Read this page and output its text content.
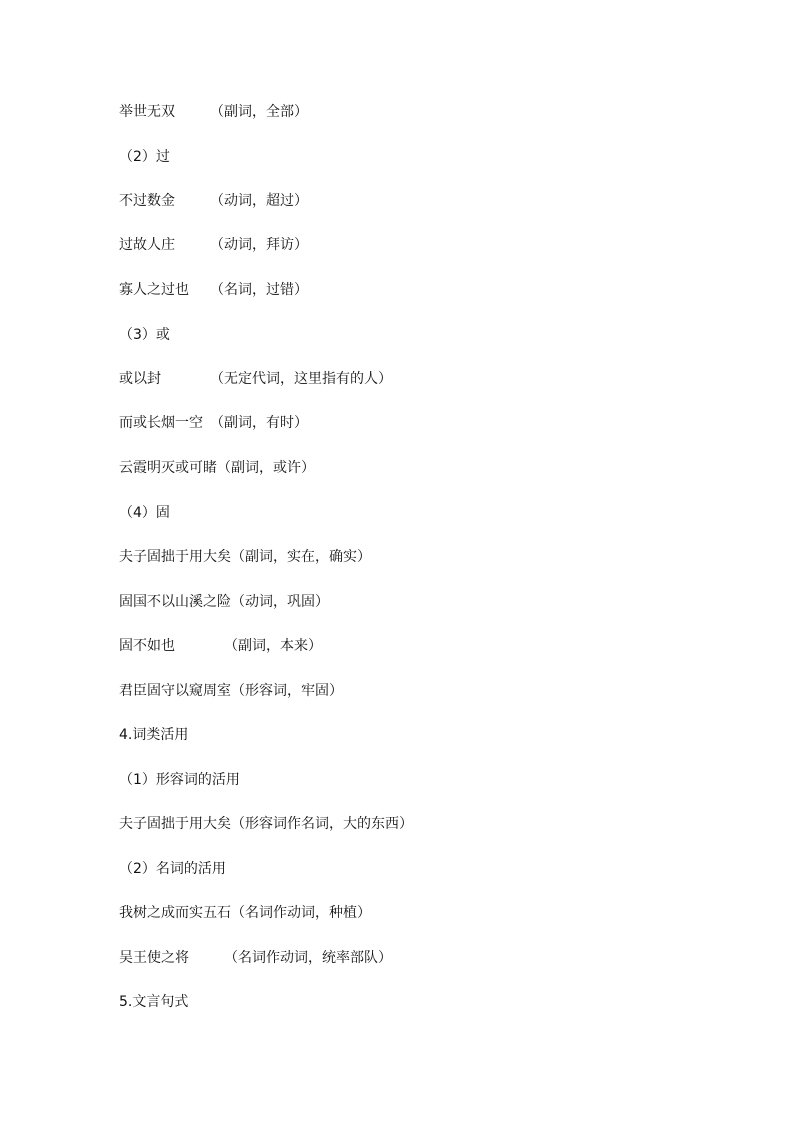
举世无双　　　（副词，全部）
（2）过
不过数金　　　（动词，超过）
过故人庄　　　（动词，拜访）
寡人之过也　　（名词，过错）
（3）或
或以封　　　　（无定代词，这里指有的人）
而或长烟一空　（副词，有时）
云霞明灭或可睹（副词，或许）
（4）固
夫子固拙于用大矣（副词，实在，确实）
固国不以山溪之险（动词，巩固）
固不如也　　　　（副词，本来）
君臣固守以窥周室（形容词，牢固）
4.词类活用
（1）形容词的活用
夫子固拙于用大矣（形容词作名词，大的东西）
（2）名词的活用
我树之成而实五石（名词作动词，种植）
吴王使之将　　　（名词作动词，统率部队）
5.文言句式
